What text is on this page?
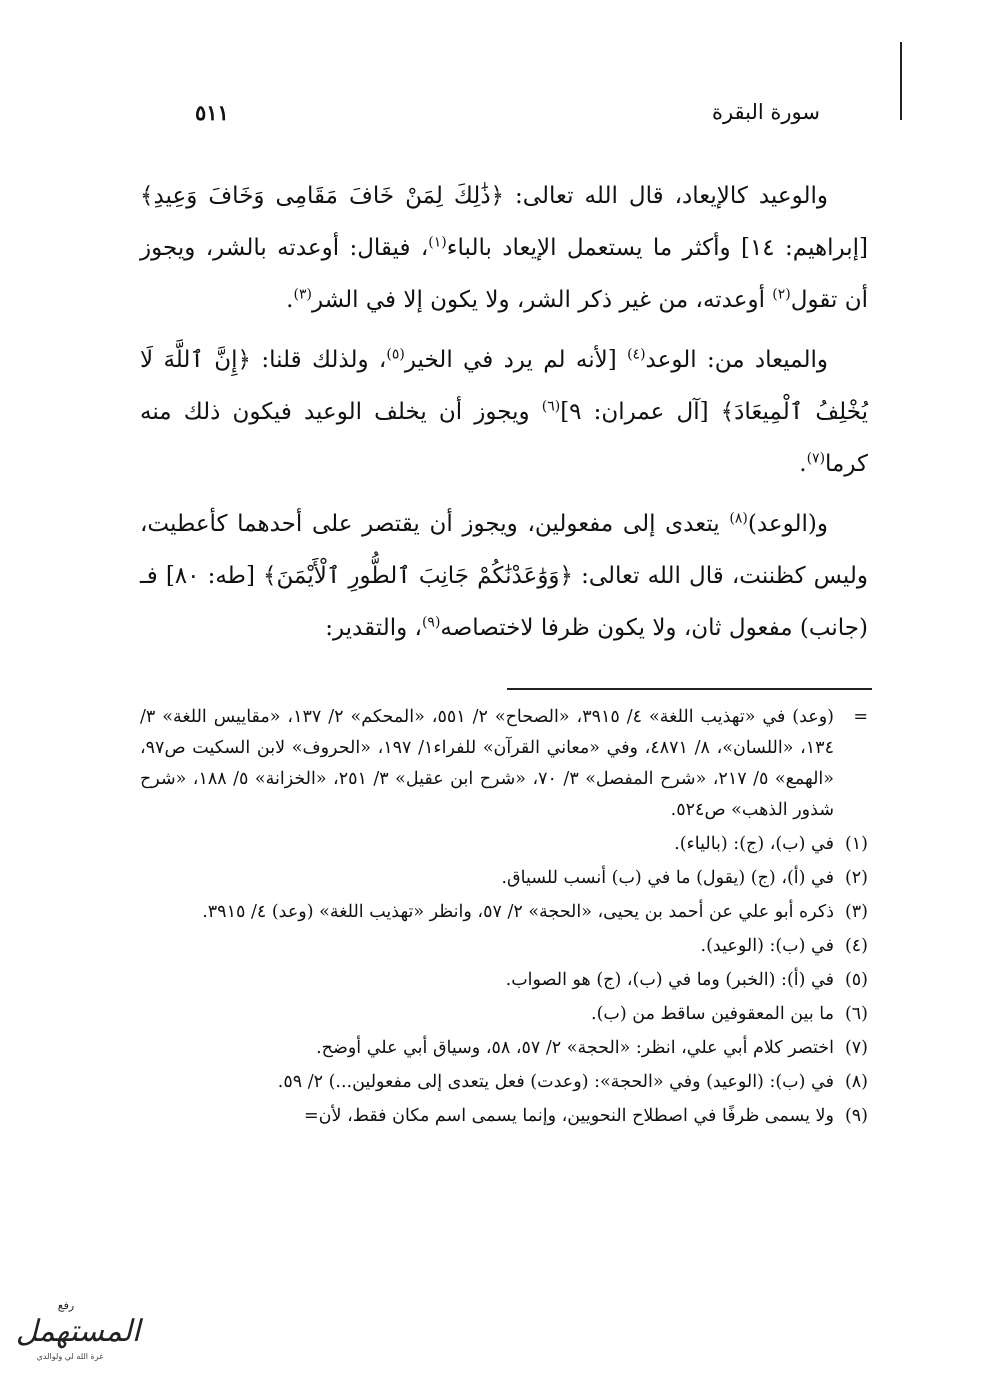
سورة البقرة
٥١١

والوعيد كالإيعاد، قال الله تعالى: ﴿ذَٰلِكَ لِمَنْ خَافَ مَقَامِى وَخَافَ وَعِيدِ﴾ [إبراهيم: ١٤] وأكثر ما يستعمل الإيعاد بالباء$^{(١)}$، فيقال: أوعدته بالشر، ويجوز أن تقول$^{(٢)}$ أوعدته، من غير ذكر الشر، ولا يكون إلا في الشر$^{(٣)}$.

والميعاد من: الوعد$^{(٤)}$ [لأنه لم يرد في الخير$^{(٥)}$، ولذلك قلنا: ﴿إِنَّ ٱللَّهَ لَا يُخْلِفُ ٱلْمِيعَادَ﴾ [آل عمران: ٩]$^{(٦)}$ ويجوز أن يخلف الوعيد فيكون ذلك منه كرما$^{(٧)}$.

و(الوعد)$^{(٨)}$ يتعدى إلى مفعولين، ويجوز أن يقتصر على أحدهما كأعطيت، وليس كظننت، قال الله تعالى: ﴿وَوَٰعَدْنَٰكُمْ جَانِبَ ٱلطُّورِ ٱلْأَيْمَنَ﴾ [طه: ٨٠] فـ (جانب) مفعول ثان، ولا يكون ظرفا لاختصاصه$^{(٩)}$، والتقدير:

=
(وعد) في «تهذيب اللغة» ٤/ ٣٩١٥، «الصحاح» ٢/ ٥٥١، «المحكم» ٢/ ١٣٧، «مقاييس اللغة» ٣/ ١٣٤، «اللسان»، ٨/ ٤٨٧١، وفي «معاني القرآن» للفراء١/ ١٩٧، «الحروف» لابن السكيت ص٩٧، «الهمع» ٥/ ٢١٧، «شرح المفصل» ٣/ ٧٠، «شرح ابن عقيل» ٣/ ٢٥١، «الخزانة» ٥/ ١٨٨، «شرح شذور الذهب» ص٥٢٤.
(١)
في (ب)، (ج): (بالياء).
(٢)
في (أ)، (ج) (يقول) ما في (ب) أنسب للسياق.
(٣)
ذكره أبو علي عن أحمد بن يحيى، «الحجة» ٢/ ٥٧، وانظر «تهذيب اللغة» (وعد) ٤/ ٣٩١٥.
(٤)
في (ب): (الوعيد).
(٥)
في (أ): (الخبر) وما في (ب)، (ج) هو الصواب.
(٦)
ما بين المعقوفين ساقط من (ب).
(٧)
اختصر كلام أبي علي، انظر: «الحجة» ٢/ ٥٧، ٥٨، وسياق أبي علي أوضح.
(٨)
في (ب): (الوعيد) وفي «الحجة»: (وعدت) فعل يتعدى إلى مفعولين...) ٢/ ٥٩.
(٩)
ولا يسمى ظرفًا في اصطلاح النحويين، وإنما يسمى اسم مكان فقط، لأن=
رفع
المستهمل
غرة الله لي ولوالدي
